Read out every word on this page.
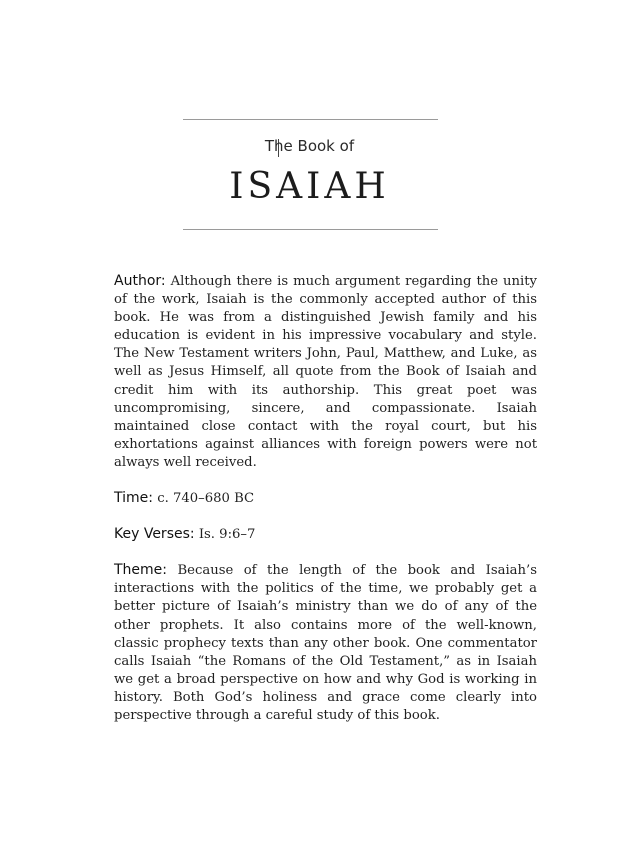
The Book of
ISAIAH

Author: Although there is much argument regarding the unity of the work, Isaiah is the commonly accepted author of this book. He was from a distinguished Jewish family and his education is evident in his impressive vocabulary and style. The New Testament writers John, Paul, Matthew, and Luke, as well as Jesus Himself, all quote from the Book of Isaiah and credit him with its authorship. This great poet was uncompromising, sincere, and compassionate. Isaiah maintained close contact with the royal court, but his exhortations against alliances with foreign powers were not always well received.

Time: c. 740–680 BC

Key Verses: Is. 9:6–7

Theme: Because of the length of the book and Isaiah’s interactions with the politics of the time, we probably get a better picture of Isaiah’s ministry than we do of any of the other prophets. It also contains more of the well-known, classic prophecy texts than any other book. One commentator calls Isaiah “the Romans of the Old Testament,” as in Isaiah we get a broad perspective on how and why God is working in history. Both God’s holiness and grace come clearly into perspective through a careful study of this book.
